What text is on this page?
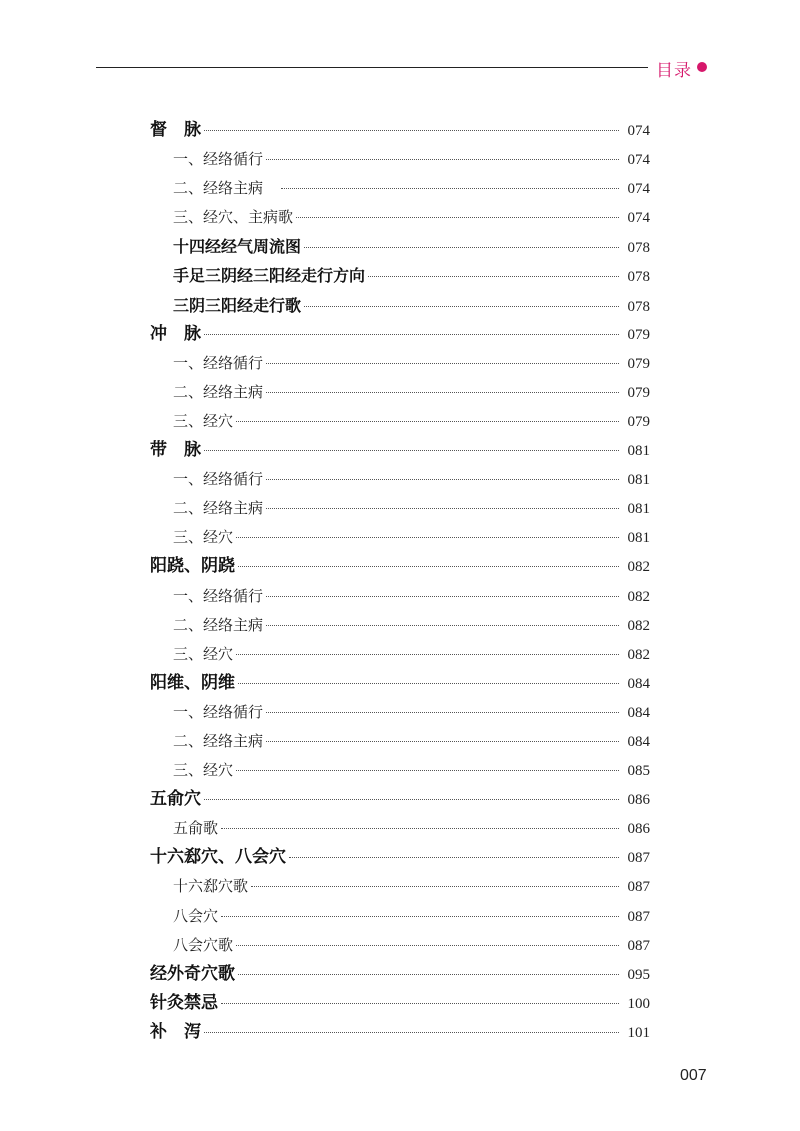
目录
督　脉	074
一、经络循行	074
二、经络主病　	074
三、经穴、主病歌	074
十四经经气周流图	078
手足三阴经三阳经走行方向	078
三阴三阳经走行歌	078
冲　脉	079
一、经络循行	079
二、经络主病	079
三、经穴	079
带　脉	081
一、经络循行	081
二、经络主病	081
三、经穴	081
阳跷、阴跷	082
一、经络循行	082
二、经络主病	082
三、经穴	082
阳维、阴维	084
一、经络循行	084
二、经络主病	084
三、经穴	085
五俞穴	086
五俞歌	086
十六郄穴、八会穴	087
十六郄穴歌	087
八会穴	087
八会穴歌	087
经外奇穴歌	095
针灸禁忌	100
补　泻	101
007
